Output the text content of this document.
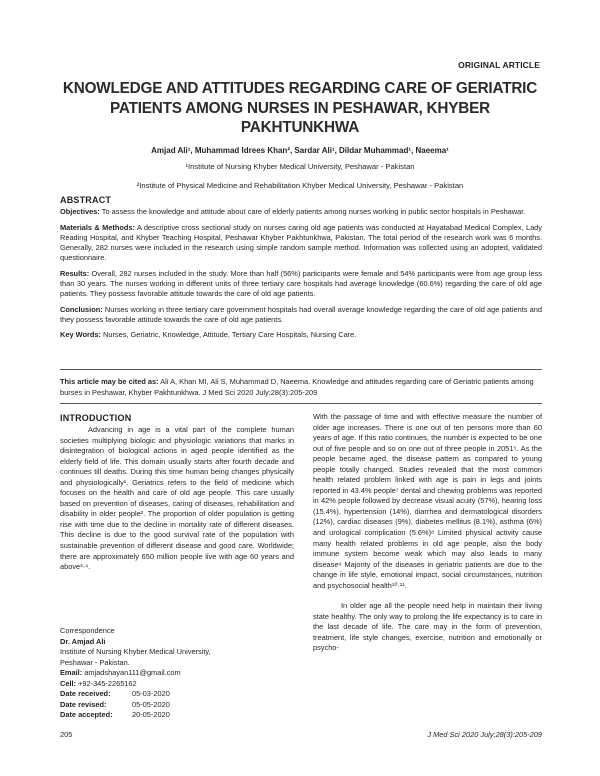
ORIGINAL ARTICLE
KNOWLEDGE AND ATTITUDES REGARDING CARE OF GERIATRIC PATIENTS AMONG NURSES IN PESHAWAR, KHYBER PAKHTUNKHWA
Amjad Ali¹, Muhammad Idrees Khan², Sardar Ali¹, Dildar Muhammad¹, Naeema¹
¹Institute of Nursing Khyber Medical University, Peshawar - Pakistan
²Institute of Physical Medicine and Rehabilitation Khyber Medical University, Peshawar - Pakistan
ABSTRACT

Objectives: To assess the knowledge and attitude about care of elderly patients among nurses working in public sector hospitals in Peshawar.

Materials & Methods: A descriptive cross sectional study on nurses caring old age patients was conducted at Hayatabad Medical Complex, Lady Reading Hospital, and Khyber Teaching Hospital, Peshawar Khyber Pakhtunkhwa, Pakistan. The total period of the research work was 6 months. Generally, 282 nurses were included in the research using simple random sample method. Information was collected using an adopted, validated questionnaire.

Results: Overall, 282 nurses included in the study. More than half (56%) participants were female and 54% participants were from age group less than 30 years. The nurses working in different units of three tertiary care hospitals had average knowledge (60.6%) regarding the care of old age patients. They possess favorable attitude towards the care of old age patients.

Conclusion: Nurses working in three tertiary care government hospitals had overall average knowledge regarding the care of old age patients and they possess favorable attitude towards the care of old age patients.

Key Words: Nurses, Geriatric, Knowledge, Attitude, Tertiary Care Hospitals, Nursing Care.

This article may be cited as: Ali A, Khan MI, Ali S, Muhammad D, Naeema. Knowledge and attitudes regarding care of Geriatric patients among burses in Peshawar, Khyber Pakhtunkhwa. J Med Sci 2020 July;28(3):205-209
INTRODUCTION

Advancing in age is a vital part of the complete human societies multiplying biologic and physiologic variations that marks in disintegration of biological actions in aged people identified as the elderly field of life. This domain usually starts after fourth decade and continues till deaths. During this time human being changes physically and physiologically¹. Geriatrics refers to the field of medicine which focuses on the health and care of old age people. This care usually based on prevention of diseases, caring of diseases, rehabilitation and disability in older people². The proportion of older population is getting rise with time due to the decline in mortality rate of different diseases. This decline is due to the good survival rate of the population with sustainable prevention of different disease and good care. Worldwide; there are approximately 650 million people live with age 60 years and above³·⁴.

With the passage of time and with effective measure the number of older age increases. There is one out of ten persons more than 60 years of age. If this ratio continues, the number is expected to be one out of five people and so on one out of three people in 2051⁵. As the people became aged, the disease pattern as compared to young people totally changed. Studies revealed that the most common health related problem linked with age is pain in legs and joints reported in 43.4% people⁷ dental and chewing problems was reported in 42% people followed by decrease visual acuity (57%), hearing loss (15.4%), hypertension (14%), diarrhea and dermatological disorders (12%), cardiac diseases (9%), diabetes mellitus (8.1%), asthma (6%) and urological complication (5.6%)⁸ Limited physical activity cause many health related problems in old age people, also the body immune system become weak which may also leads to many disease⁹ Majority of the diseases in geriatric patients are due to the change in life style, emotional impact, social circumstances, nutrition and psychosocial health¹⁰·¹¹.

In older age all the people need help in maintain their living state healthy. The only way to prolong the life expectancy is to care in the last decade of life. The care may in the form of prevention, treatment, life style changes, exercise, nutrition and emotionally or psycho-

Correspondence
Dr. Amjad Ali
Institute of Nursing Khyber Medical University,
Peshawar - Pakistan.
Email: amjadshayan111@gmail.com
Cell: +92-345-2265162
Date received:	05-03-2020
Date revised:	05-05-2020
Date accepted:	20-05-2020
205	J Med Sci 2020 July;28(3):205-209
